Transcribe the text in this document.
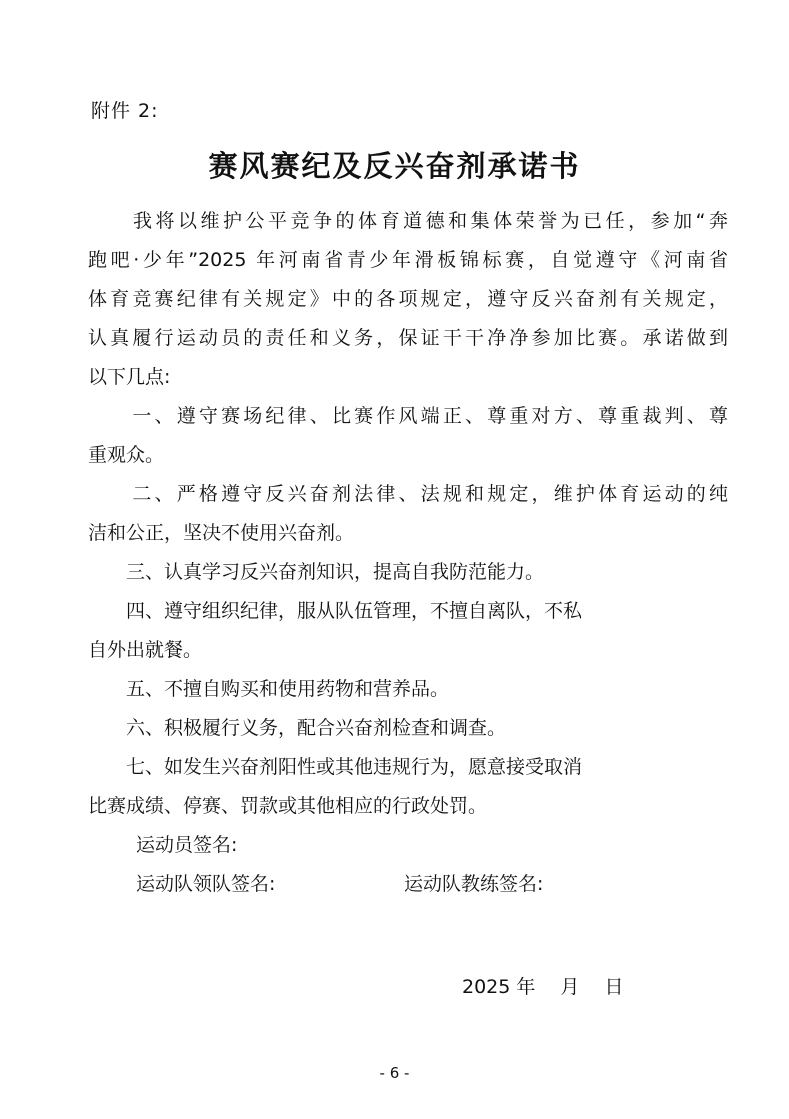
附件 2:
赛风赛纪及反兴奋剂承诺书
　　我将以维护公平竞争的体育道德和集体荣誉为已任，参加“奔
跑吧·少年”2025 年河南省青少年滑板锦标赛，自觉遵守《河南省
体育竞赛纪律有关规定》中的各项规定，遵守反兴奋剂有关规定，
认真履行运动员的责任和义务，保证干干净净参加比赛。承诺做到
以下几点:
　　一、遵守赛场纪律、比赛作风端正、尊重对方、尊重裁判、尊
重观众。
　　二、严格遵守反兴奋剂法律、法规和规定，维护体育运动的纯
洁和公正，坚决不使用兴奋剂。
　　三、认真学习反兴奋剂知识，提高自我防范能力。
　　四、遵守组织纪律，服从队伍管理，不擅自离队，不私
自外出就餐。
　　五、不擅自购买和使用药物和营养品。
　　六、积极履行义务，配合兴奋剂检查和调查。
　　七、如发生兴奋剂阳性或其他违规行为，愿意接受取消
比赛成绩、停赛、罚款或其他相应的行政处罚。
运动员签名:
运动队领队签名:	运动队教练签名:
2025 年　 月　 日
- 6 -
